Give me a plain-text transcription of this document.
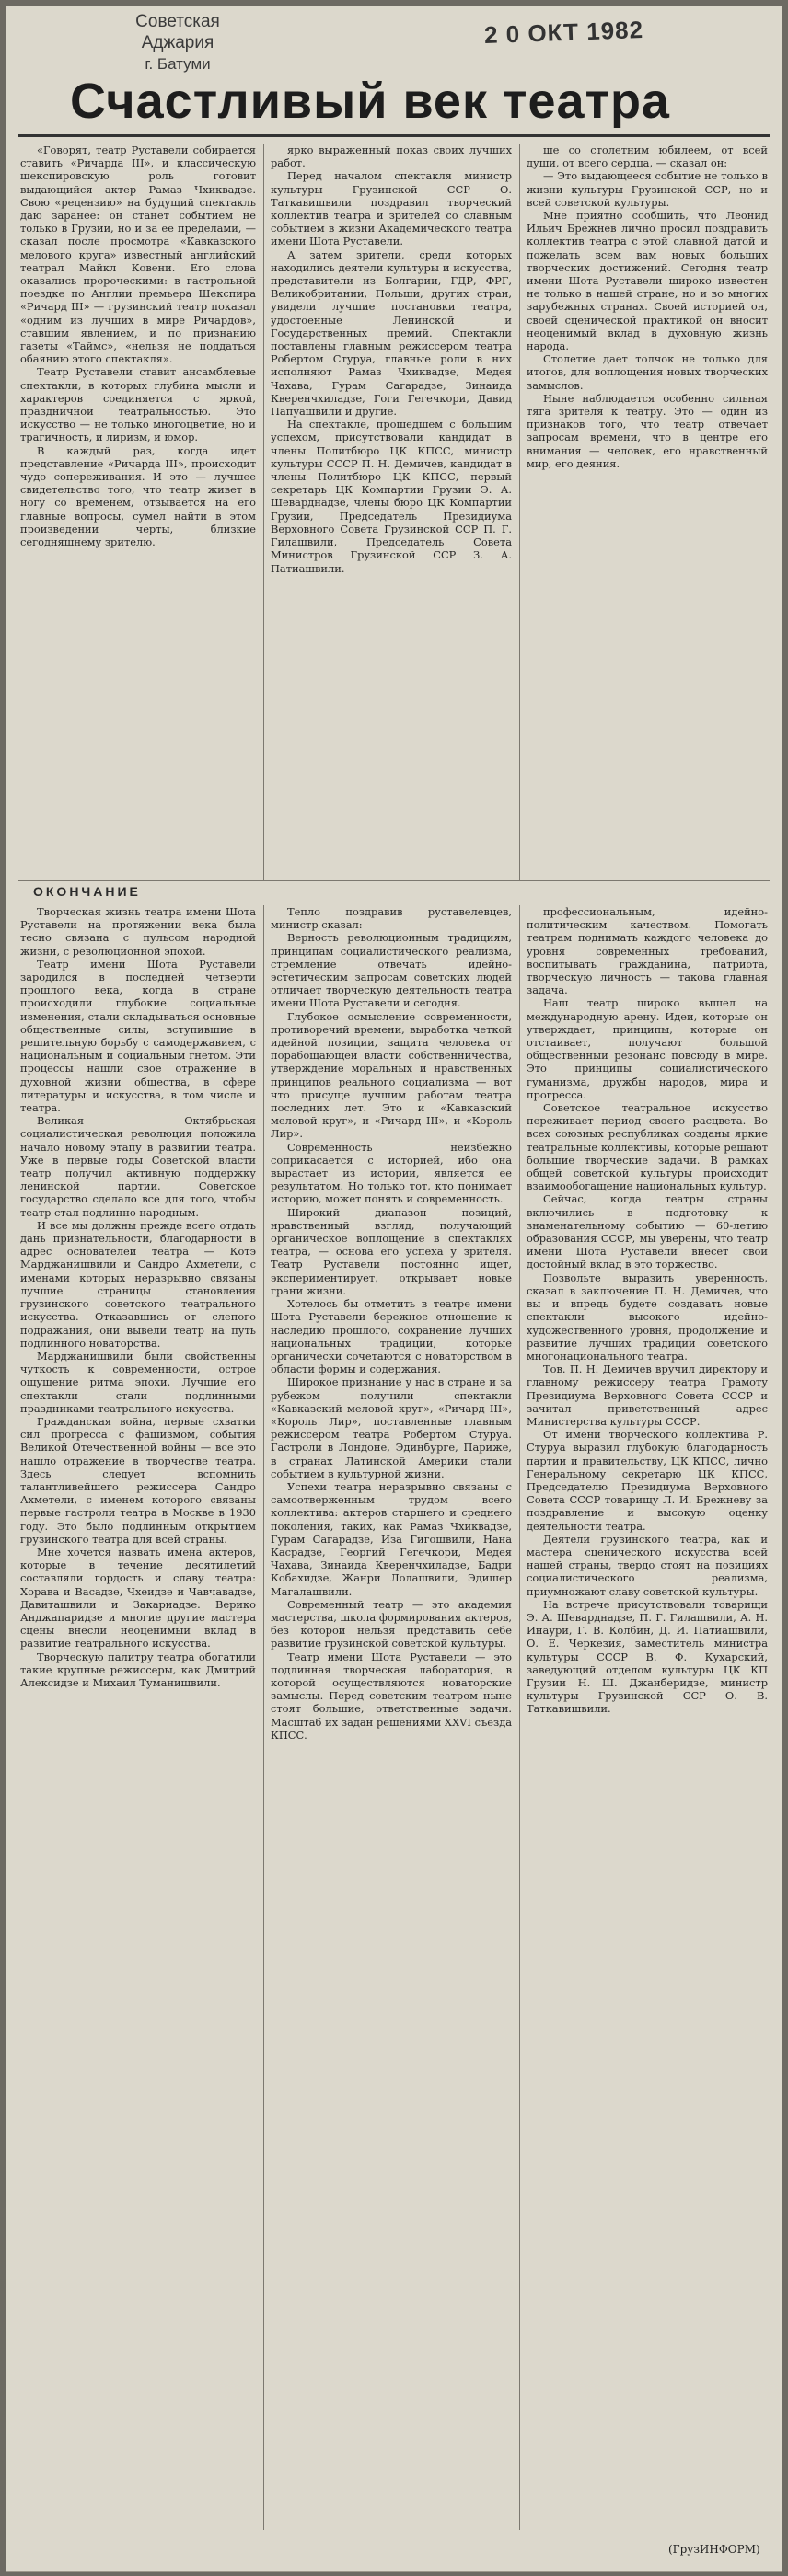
Советская Аджария
г. Батуми
2 0 ОКТ 1982
Счастливый век театра

«Говорят, театр Руставели собирается ставить «Ричарда III», и классическую шекспировскую роль готовит выдающийся актер Рамаз Чхиквадзе. Свою «рецензию» на будущий спектакль даю заранее: он станет событием не только в Грузии, но и за ее пределами, — сказал после просмотра «Кавказского мелового круга» известный английский театрал Майкл Ковени. Его слова оказались пророческими: в гастрольной поездке по Англии премьера Шекспира «Ричард III» — грузинский театр показал «одним из лучших в мире Ричардов», ставшим явлением, и по признанию газеты «Таймс», «нельзя не поддаться обаянию этого спектакля».

Театр Руставели ставит ансамблевые спектакли, в которых глубина мысли и характеров соединяется с яркой, праздничной театральностью. Это искусство — не только многоцветие, но и трагичность, и лиризм, и юмор.

В каждый раз, когда идет представление «Ричарда III», происходит чудо сопереживания. И это — лучшее свидетельство того, что театр живет в ногу со временем, отзывается на его главные вопросы, сумел найти в этом произведении черты, близкие сегодняшнему зрителю.

ярко выраженный показ своих лучших работ.

Перед началом спектакля министр культуры Грузинской ССР О. Таткавишвили поздравил творческий коллектив театра и зрителей со славным событием в жизни Академического театра имени Шота Руставели.

А затем зрители, среди которых находились деятели культуры и искусства, представители из Болгарии, ГДР, ФРГ, Великобритании, Польши, других стран, увидели лучшие постановки театра, удостоенные Ленинской и Государственных премий. Спектакли поставлены главным режиссером театра Робертом Стуруа, главные роли в них исполняют Рамаз Чхиквадзе, Медея Чахава, Гурам Сагарадзе, Зинаида Кверенчхиладзе, Гоги Гегечкори, Давид Папуашвили и другие.

На спектакле, прошедшем с большим успехом, присутствовали кандидат в члены Политбюро ЦК КПСС, министр культуры СССР П. Н. Демичев, кандидат в члены Политбюро ЦК КПСС, первый секретарь ЦК Компартии Грузии Э. А. Шеварднадзе, члены бюро ЦК Компартии Грузии, Председатель Президиума Верховного Совета Грузинской ССР П. Г. Гилашвили, Председатель Совета Министров Грузинской ССР З. А. Патиашвили.

ше со столетним юбилеем, от всей души, от всего сердца, — сказал он:

— Это выдающееся событие не только в жизни культуры Грузинской ССР, но и всей советской культуры.

Мне приятно сообщить, что Леонид Ильич Брежнев лично просил поздравить коллектив театра с этой славной датой и пожелать всем вам новых больших творческих достижений. Сегодня театр имени Шота Руставели широко известен не только в нашей стране, но и во многих зарубежных странах. Своей историей он, своей сценической практикой он вносит неоценимый вклад в духовную жизнь народа.

Столетие дает толчок не только для итогов, для воплощения новых творческих замыслов.

Ныне наблюдается особенно сильная тяга зрителя к театру. Это — один из признаков того, что театр отвечает запросам времени, что в центре его внимания — человек, его нравственный мир, его деяния.

ОКОНЧАНИЕ

Творческая жизнь театра имени Шота Руставели на протяжении века была тесно связана с пульсом народной жизни, с революционной эпохой.

Театр имени Шота Руставели зародился в последней четверти прошлого века, когда в стране происходили глубокие социальные изменения, стали складываться основные общественные силы, вступившие в решительную борьбу с самодержавием, с национальным и социальным гнетом. Эти процессы нашли свое отражение в духовной жизни общества, в сфере литературы и искусства, в том числе и театра.

Великая Октябрьская социалистическая революция положила начало новому этапу в развитии театра. Уже в первые годы Советской власти театр получил активную поддержку ленинской партии. Советское государство сделало все для того, чтобы театр стал подлинно народным.

И все мы должны прежде всего отдать дань признательности, благодарности в адрес основателей театра — Котэ Марджанишвили и Сандро Ахметели, с именами которых неразрывно связаны лучшие страницы становления грузинского советского театрального искусства. Отказавшись от слепого подражания, они вывели театр на путь подлинного новаторства.

Марджанишвили были свойственны чуткость к современности, острое ощущение ритма эпохи. Лучшие его спектакли стали подлинными праздниками театрального искусства.

Гражданская война, первые схватки сил прогресса с фашизмом, события Великой Отечественной войны — все это нашло отражение в творчестве театра. Здесь следует вспомнить талантливейшего режиссера Сандро Ахметели, с именем которого связаны первые гастроли театра в Москве в 1930 году. Это было подлинным открытием грузинского театра для всей страны.

Мне хочется назвать имена актеров, которые в течение десятилетий составляли гордость и славу театра: Хорава и Васадзе, Чхеидзе и Чавчавадзе, Давиташвили и Закариадзе. Верико Анджапаридзе и многие другие мастера сцены внесли неоценимый вклад в развитие театрального искусства.

Творческую палитру театра обогатили такие крупные режиссеры, как Дмитрий Алексидзе и Михаил Туманишвили.

Тепло поздравив руставелевцев, министр сказал:

Верность революционным традициям, принципам социалистического реализма, стремление отвечать идейно-эстетическим запросам советских людей отличает творческую деятельность театра имени Шота Руставели и сегодня.

Глубокое осмысление современности, противоречий времени, выработка четкой идейной позиции, защита человека от порабощающей власти собственничества, утверждение моральных и нравственных принципов реального социализма — вот что присуще лучшим работам театра последних лет. Это и «Кавказский меловой круг», и «Ричард III», и «Король Лир».

Современность неизбежно соприкасается с историей, ибо она вырастает из истории, является ее результатом. Но только тот, кто понимает историю, может понять и современность.

Широкий диапазон позиций, нравственный взгляд, получающий органическое воплощение в спектаклях театра, — основа его успеха у зрителя. Театр Руставели постоянно ищет, экспериментирует, открывает новые грани жизни.

Хотелось бы отметить в театре имени Шота Руставели бережное отношение к наследию прошлого, сохранение лучших национальных традиций, которые органически сочетаются с новаторством в области формы и содержания.

Широкое признание у нас в стране и за рубежом получили спектакли «Кавказский меловой круг», «Ричард III», «Король Лир», поставленные главным режиссером театра Робертом Стуруа. Гастроли в Лондоне, Эдинбурге, Париже, в странах Латинской Америки стали событием в культурной жизни.

Успехи театра неразрывно связаны с самоотверженным трудом всего коллектива: актеров старшего и среднего поколения, таких, как Рамаз Чхиквадзе, Гурам Сагарадзе, Иза Гигошвили, Нана Касрадзе, Георгий Гегечкори, Медея Чахава, Зинаида Кверенчхиладзе, Бадри Кобахидзе, Жанри Лолашвили, Эдишер Магалашвили.

Современный театр — это академия мастерства, школа формирования актеров, без которой нельзя представить себе развитие грузинской советской культуры.

Театр имени Шота Руставели — это подлинная творческая лаборатория, в которой осуществляются новаторские замыслы. Перед советским театром ныне стоят большие, ответственные задачи. Масштаб их задан решениями XXVI съезда КПСС.

профессиональным, идейно-политическим качеством. Помогать театрам поднимать каждого человека до уровня современных требований, воспитывать гражданина, патриота, творческую личность — такова главная задача.

Наш театр широко вышел на международную арену. Идеи, которые он утверждает, принципы, которые он отстаивает, получают большой общественный резонанс повсюду в мире. Это принципы социалистического гуманизма, дружбы народов, мира и прогресса.

Советское театральное искусство переживает период своего расцвета. Во всех союзных республиках созданы яркие театральные коллективы, которые решают большие творческие задачи. В рамках общей советской культуры происходит взаимообогащение национальных культур.

Сейчас, когда театры страны включились в подготовку к знаменательному событию — 60-летию образования СССР, мы уверены, что театр имени Шота Руставели внесет свой достойный вклад в это торжество.

Позвольте выразить уверенность, сказал в заключение П. Н. Демичев, что вы и впредь будете создавать новые спектакли высокого идейно-художественного уровня, продолжение и развитие лучших традиций советского многонационального театра.

Тов. П. Н. Демичев вручил директору и главному режиссеру театра Грамоту Президиума Верховного Совета СССР и зачитал приветственный адрес Министерства культуры СССР.

От имени творческого коллектива Р. Стуруа выразил глубокую благодарность партии и правительству, ЦК КПСС, лично Генеральному секретарю ЦК КПСС, Председателю Президиума Верховного Совета СССР товарищу Л. И. Брежневу за поздравление и высокую оценку деятельности театра.

Деятели грузинского театра, как и мастера сценического искусства всей нашей страны, твердо стоят на позициях социалистического реализма, приумножают славу советской культуры.

На встрече присутствовали товарищи Э. А. Шеварднадзе, П. Г. Гилашвили, А. Н. Инаури, Г. В. Колбин, Д. И. Патиашвили, О. Е. Черкезия, заместитель министра культуры СССР В. Ф. Кухарский, заведующий отделом культуры ЦК КП Грузии Н. Ш. Джанберидзе, министр культуры Грузинской ССР О. В. Таткавишвили.

(ГрузИНФОРМ)
